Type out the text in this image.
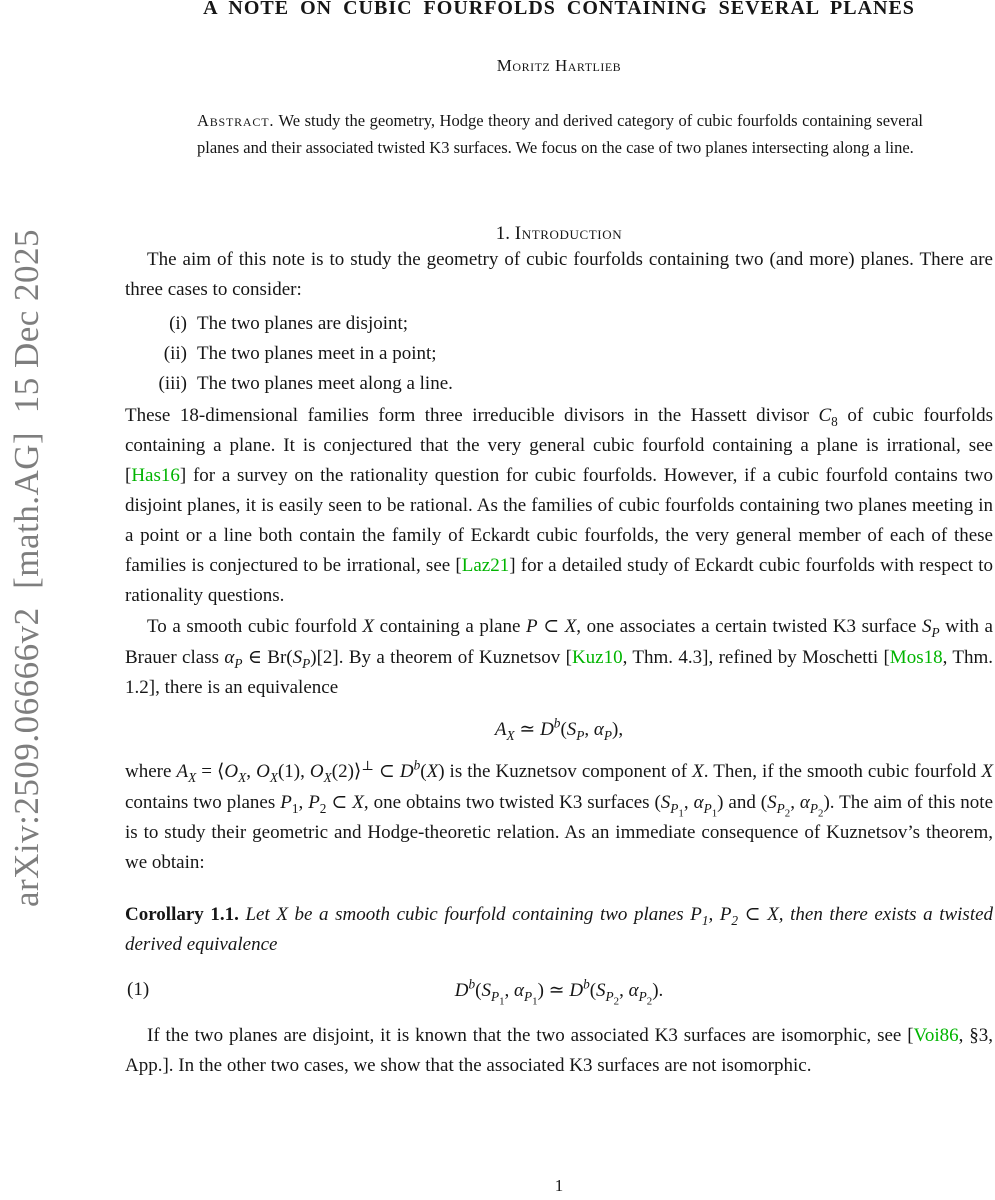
arXiv:2509.06666v2  [math.AG]  15 Dec 2025
A NOTE ON CUBIC FOURFOLDS CONTAINING SEVERAL PLANES
Moritz Hartlieb
Abstract. We study the geometry, Hodge theory and derived category of cubic fourfolds containing several planes and their associated twisted K3 surfaces. We focus on the case of two planes intersecting along a line.
1. Introduction

The aim of this note is to study the geometry of cubic fourfolds containing two (and more) planes. There are three cases to consider:

(i) The two planes are disjoint;
(ii) The two planes meet in a point;
(iii) The two planes meet along a line.

These 18-dimensional families form three irreducible divisors in the Hassett divisor $C_8$ of cubic fourfolds containing a plane. It is conjectured that the very general cubic fourfold containing a plane is irrational, see [Has16] for a survey on the rationality question for cubic fourfolds. However, if a cubic fourfold contains two disjoint planes, it is easily seen to be rational. As the families of cubic fourfolds containing two planes meeting in a point or a line both contain the family of Eckardt cubic fourfolds, the very general member of each of these families is conjectured to be irrational, see [Laz21] for a detailed study of Eckardt cubic fourfolds with respect to rationality questions.

To a smooth cubic fourfold X containing a plane P ⊂ X, one associates a certain twisted K3 surface $S_P$ with a Brauer class $\alpha_P$ ∈ $Br(S_P)[2]$. By a theorem of Kuznetsov [Kuz10, Thm. 4.3], refined by Moschetti [Mos18, Thm. 1.2], there is an equivalence

$A_X$ ≃ $D^b(S_P$, $\alpha_P$),

where $A_X$ = $⟨O_X$, $O_X(1)$, $O_X(2)⟩^\perp$ ⊂ $D^b(X)$ is the Kuznetsov component of X. Then, if the smooth cubic fourfold X contains two planes $P_1$, $P_2$ ⊂ X, one obtains two twisted K3 surfaces ($S_{P_1}$, $\alpha_{P_1}$) and ($S_{P_2}$, $\alpha_{P_2}$). The aim of this note is to study their geometric and Hodge-theoretic relation. As an immediate consequence of Kuznetsov’s theorem, we obtain:

Corollary 1.1. Let X be a smooth cubic fourfold containing two planes $P_1$, $P_2$ ⊂ X, then there exists a twisted derived equivalence
(1)	$D^b(S_{P_1}$, $\alpha_{P_1}$) ≃ $D^b(S_{P_2}$, $\alpha_{P_2}$).

If the two planes are disjoint, it is known that the two associated K3 surfaces are isomorphic, see [Voi86, §3, App.]. In the other two cases, we show that the associated K3 surfaces are not isomorphic.

1
